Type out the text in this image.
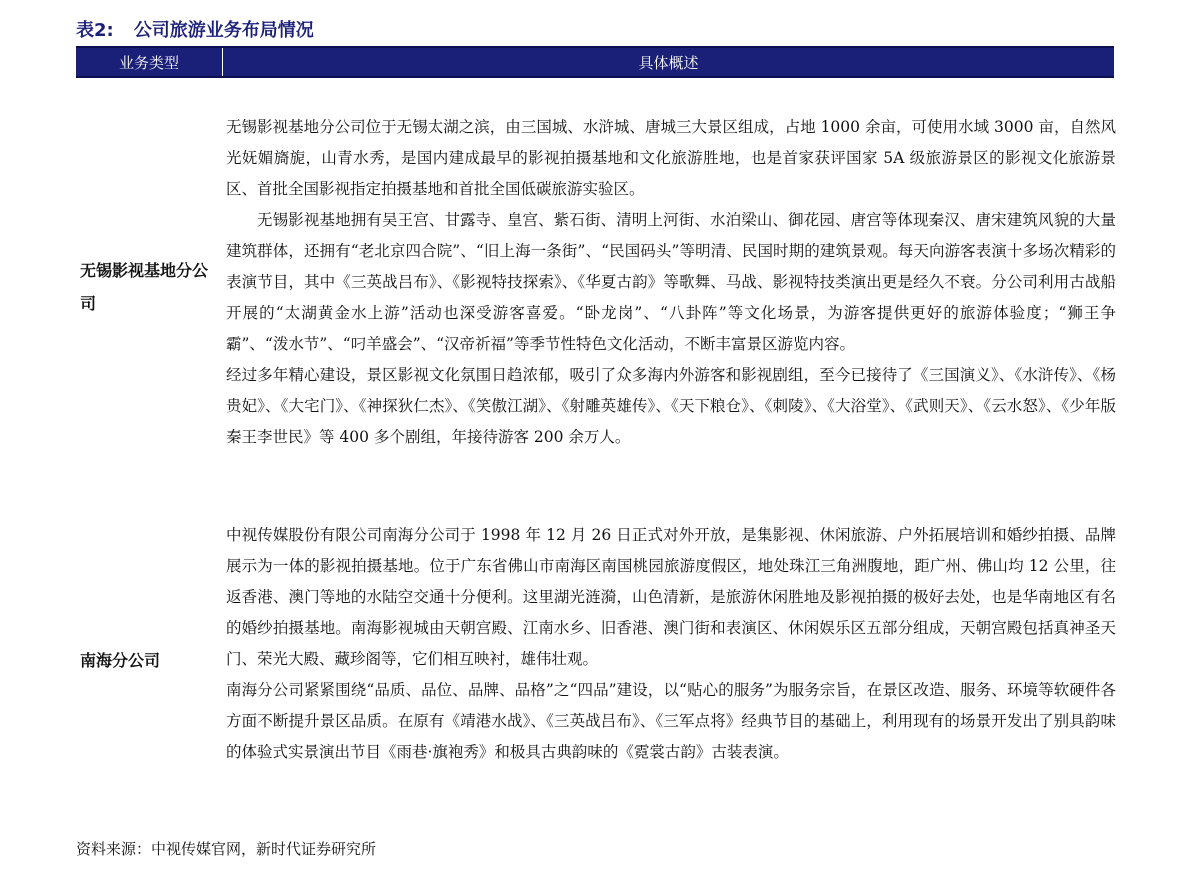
表2: 公司旅游业务布局情况
业务类型	具体概述
无锡影视基地分公司

无锡影视基地分公司位于无锡太湖之滨，由三国城、水浒城、唐城三大景区组成，占地 1000 余亩，可使用水域 3000 亩，自然风光妩媚旖旎，山青水秀，是国内建成最早的影视拍摄基地和文化旅游胜地，也是首家获评国家 5A 级旅游景区的影视文化旅游景区、首批全国影视指定拍摄基地和首批全国低碳旅游实验区。

无锡影视基地拥有吴王宫、甘露寺、皇宫、紫石街、清明上河街、水泊梁山、御花园、唐宫等体现秦汉、唐宋建筑风貌的大量建筑群体，还拥有“老北京四合院”、“旧上海一条街”、“民国码头”等明清、民国时期的建筑景观。每天向游客表演十多场次精彩的表演节目，其中《三英战吕布》、《影视特技探索》、《华夏古韵》等歌舞、马战、影视特技类演出更是经久不衰。分公司利用古战船开展的“太湖黄金水上游”活动也深受游客喜爱。“卧龙岗”、“八卦阵”等文化场景，为游客提供更好的旅游体验度；“狮王争霸”、“泼水节”、“叼羊盛会”、“汉帝祈福”等季节性特色文化活动，不断丰富景区游览内容。

经过多年精心建设，景区影视文化氛围日趋浓郁，吸引了众多海内外游客和影视剧组，至今已接待了《三国演义》、《水浒传》、《杨贵妃》、《大宅门》、《神探狄仁杰》、《笑傲江湖》、《射雕英雄传》、《天下粮仓》、《刺陵》、《大浴堂》、《武则天》、《云水怒》、《少年版秦王李世民》等 400 多个剧组，年接待游客 200 余万人。

南海分公司

中视传媒股份有限公司南海分公司于 1998 年 12 月 26 日正式对外开放，是集影视、休闲旅游、户外拓展培训和婚纱拍摄、品牌展示为一体的影视拍摄基地。位于广东省佛山市南海区南国桃园旅游度假区，地处珠江三角洲腹地，距广州、佛山均 12 公里，往返香港、澳门等地的水陆空交通十分便利。这里湖光涟漪，山色清新，是旅游休闲胜地及影视拍摄的极好去处，也是华南地区有名的婚纱拍摄基地。南海影视城由天朝宫殿、江南水乡、旧香港、澳门街和表演区、休闲娱乐区五部分组成，天朝宫殿包括真神圣天门、荣光大殿、藏珍阁等，它们相互映衬，雄伟壮观。

南海分公司紧紧围绕“品质、品位、品牌、品格”之“四品”建设，以“贴心的服务”为服务宗旨，在景区改造、服务、环境等软硬件各方面不断提升景区品质。在原有《靖港水战》、《三英战吕布》、《三军点将》经典节目的基础上，利用现有的场景开发出了别具韵味的体验式实景演出节目《雨巷·旗袍秀》和极具古典韵味的《霓裳古韵》古装表演。

资料来源：中视传媒官网，新时代证券研究所
